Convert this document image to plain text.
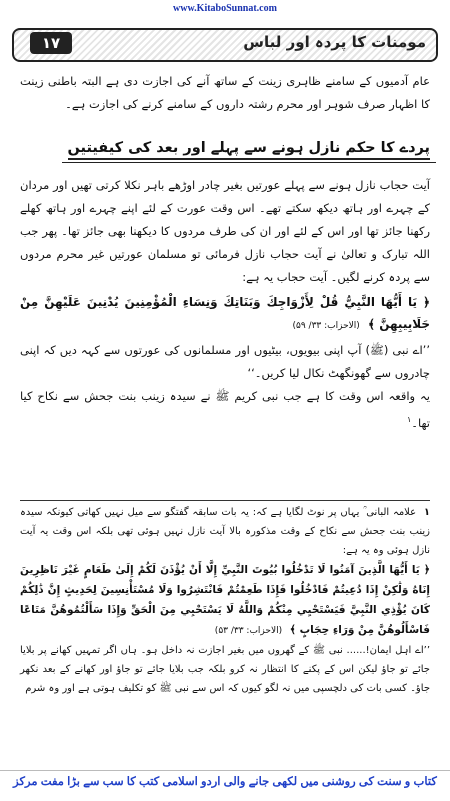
www.KitaboSunnat.com
۱۷	مومنات کا پردہ اور لباس

عام آدمیوں کے سامنے ظاہری زینت کے ساتھ آنے کی اجازت دی ہے البتہ باطنی زینت کا اظہار صرف شوہر اور محرم رشتہ داروں کے سامنے کرنے کی اجازت ہے۔

پردے کا حکم نازل ہونے سے پہلے اور بعد کی کیفیتیں

آیت حجاب نازل ہونے سے پہلے عورتیں بغیر چادر اوڑھے باہر نکلا کرتی تھیں اور مردان کے چہرے اور ہاتھ دیکھ سکتے تھے۔ اس وقت عورت کے لئے اپنے چہرے اور ہاتھ کھلے رکھنا جائز تھا اور اس کے لئے اور ان کی طرف مردوں کا دیکھنا بھی جائز تھا۔ پھر جب اللہ تبارک و تعالیٰ نے آیت حجاب نازل فرمائی تو مسلمان عورتیں غیر محرم مردوں سے پردہ کرنے لگیں۔ آیت حجاب یہ ہے:

﴿ يَا أَيُّهَا النَّبِيُّ قُلْ لِأَزْوَاجِكَ وَبَنَاتِكَ وَنِسَاءِ الْمُؤْمِنِينَ يُدْنِينَ عَلَيْهِنَّ مِنْ جَلَابِيبِهِنَّ ﴾ (الاحزاب: ۳۳/ ۵۹)

’’اے نبی (ﷺ) آپ اپنی بیویوں، بیٹیوں اور مسلمانوں کی عورتوں سے کہہ دیں کہ اپنی چادروں سے گھونگھٹ نکال لیا کریں۔‘‘

یہ واقعہ اس وقت کا ہے جب نبی کریم ﷺ نے سیدہ زینب بنت جحش سے نکاح کیا تھا۔$^۱$

۱ علامہ البانی ؒ یہاں پر نوٹ لگایا ہے کہ: یہ بات سابقہ گفتگو سے میل نہیں کھاتی کیونکہ سیدہ زینب بنت جحش سے نکاح کے وقت مذکورہ بالا آیت نازل نہیں ہوئی تھی بلکہ اس وقت یہ آیت نازل ہوئی وہ یہ ہے:

﴿ يَا أَيُّهَا الَّذِينَ آمَنُوا لَا تَدْخُلُوا بُيُوتَ النَّبِيِّ إِلَّا أَنْ يُؤْذَنَ لَكُمْ إِلَىٰ طَعَامٍ غَيْرَ نَاظِرِينَ إِنَاهُ وَلَٰكِنْ إِذَا دُعِيتُمْ فَادْخُلُوا فَإِذَا طَعِمْتُمْ فَانْتَشِرُوا وَلَا مُسْتَأْنِسِينَ لِحَدِيثٍ إِنَّ ذَٰلِكُمْ كَانَ يُؤْذِي النَّبِيَّ فَيَسْتَحْيِي مِنْكُمْ وَاللَّهُ لَا يَسْتَحْيِي مِنَ الْحَقِّ وَإِذَا سَأَلْتُمُوهُنَّ مَتَاعًا فَاسْأَلُوهُنَّ مِنْ وَرَاءِ حِجَابٍ ﴾ (الاحزاب: ۳۳/ ۵۳)

’’اے اہل ایمان!...... نبی ﷺ کے گھروں میں بغیر اجازت نہ داخل ہو۔ ہاں اگر تمہیں کھانے پر بلایا جائے تو جاؤ لیکن اس کے پکنے کا انتظار نہ کرو بلکہ جب بلایا جائے تو جاؤ اور کھانے کے بعد نکھر جاؤ۔ کسی بات کی دلچسپی میں نہ لگو کیوں کہ اس سے نبی ﷺ کو تکلیف ہوتی ہے اور وہ شرم

کتاب و سنت کی روشنی میں لکھی جانے والی اردو اسلامی کتب کا سب سے بڑا مفت مرکز
